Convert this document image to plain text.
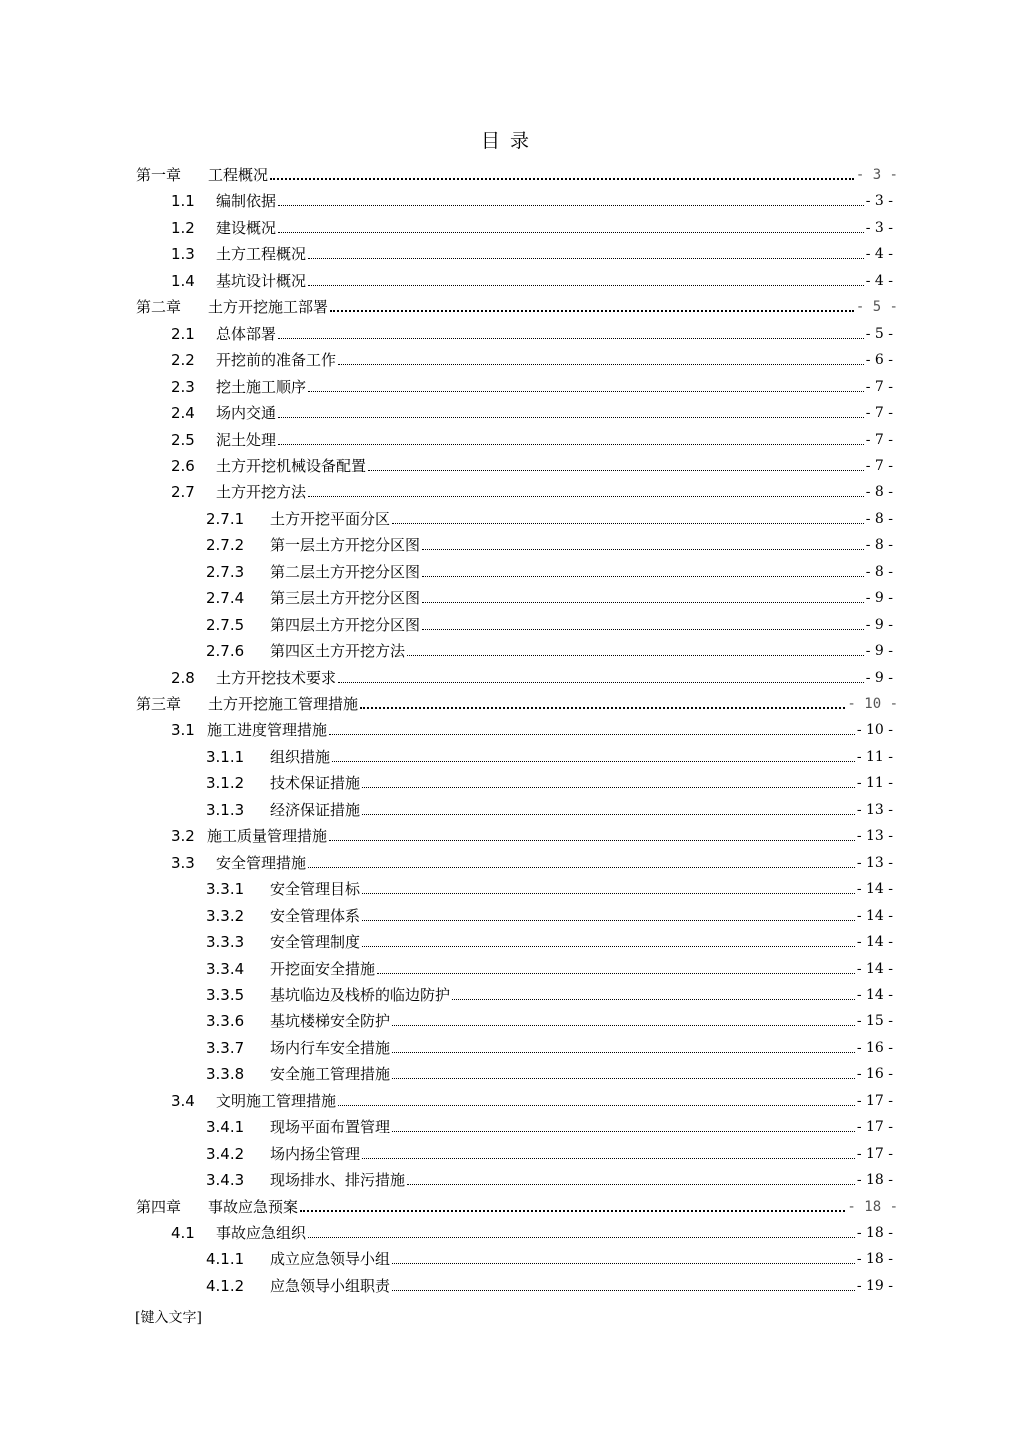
目 录
第一章	工程概况	- 3 -
1.1	编制依据	- 3 -
1.2	建设概况	- 3 -
1.3	土方工程概况	- 4 -
1.4	基坑设计概况	- 4 -
第二章	土方开挖施工部署	- 5 -
2.1	总体部署	- 5 -
2.2	开挖前的准备工作	- 6 -
2.3	挖土施工顺序	- 7 -
2.4	场内交通	- 7 -
2.5	泥土处理	- 7 -
2.6	土方开挖机械设备配置	- 7 -
2.7	土方开挖方法	- 8 -
2.7.1	土方开挖平面分区	- 8 -
2.7.2	第一层土方开挖分区图	- 8 -
2.7.3	第二层土方开挖分区图	- 8 -
2.7.4	第三层土方开挖分区图	- 9 -
2.7.5	第四层土方开挖分区图	- 9 -
2.7.6	第四区土方开挖方法	- 9 -
2.8	土方开挖技术要求	- 9 -
第三章	土方开挖施工管理措施	- 10 -
3.1 施工进度管理措施	- 10 -
3.1.1	组织措施	- 11 -
3.1.2	技术保证措施	- 11 -
3.1.3	经济保证措施	- 13 -
3.2 施工质量管理措施	- 13 -
3.3	安全管理措施	- 13 -
3.3.1	安全管理目标	- 14 -
3.3.2	安全管理体系	- 14 -
3.3.3	安全管理制度	- 14 -
3.3.4	开挖面安全措施	- 14 -
3.3.5	基坑临边及栈桥的临边防护	- 14 -
3.3.6	基坑楼梯安全防护	- 15 -
3.3.7	场内行车安全措施	- 16 -
3.3.8	安全施工管理措施	- 16 -
3.4	文明施工管理措施	- 17 -
3.4.1	现场平面布置管理	- 17 -
3.4.2	场内扬尘管理	- 17 -
3.4.3	现场排水、排污措施	- 18 -
第四章	事故应急预案	- 18 -
4.1	事故应急组织	- 18 -
4.1.1	成立应急领导小组	- 18 -
4.1.2	应急领导小组职责	- 19 -
[键入文字]
